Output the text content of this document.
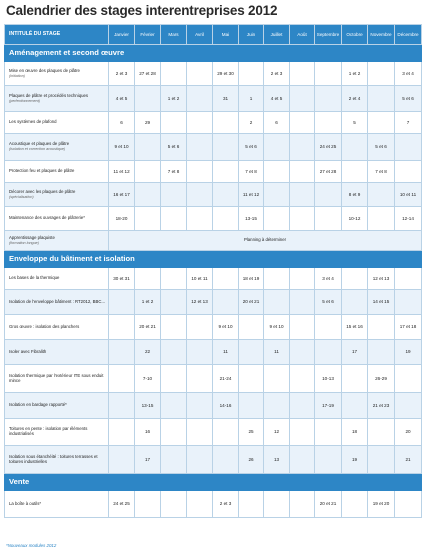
Calendrier des stages interentreprises 2012
INTITULÉ DU STAGE	Janvier	Février	Mars	Avril	Mai	Juin	Juillet	Août	Septembre	Octobre	Novembre	Décembre
Aménagement et second œuvre												
Mise en œuvre des plaques de plâtre
(initiation)	2 et 3	27 et 28			29 et 30		2 et 3			1 et 2		3 et 4
Plaques de plâtre et procédés techniques
(perfectionnement)	4 et 5		1 et 2		31	1	4 et 5			2 et 4		5 et 6
Les systèmes de plafond	6	29				2	6			5		7
Acoustique et plaques de plâtre
(isolation et correction acoustique)	9 et 10		5 et 6			5 et 6			24 et 25		5 et 6	
Protection feu et plaques de plâtre	11 et 12		7 et 8			7 et 8			27 et 28		7 et 8	
Décorer avec les plaques de plâtre
(spécialisation)	16 et 17					11 et 12				8 et 9		10 et 11
Maintenance des ouvrages de plâtrerie*	18-20					13-15				10-12		12-14
Apprentissage plaquiste
(formation longue)	Planning à déterminer											
Enveloppe du bâtiment et isolation												
Les bases de la thermique	30 et 31			10 et 11		18 et 19			3 et 4		12 et 13	
Isolation de l'enveloppe bâtiment : RT2012, BBC...		1 et 2		12 et 13		20 et 21			5 et 6		14 et 15	
Gros œuvre : isolation des planchers		20 et 21			9 et 10		9 et 10			15 et 16		17 et 18
Isoler avec Fibralith		22			11		11			17		19
Isolation thermique par l'extérieur ITE sous enduit mince		7-10			21-24				10-13		26-29	
Isolation en bardage rapporté*		13-15			14-16				17-19		21 et 23	
Toitures en pente : isolation par éléments industrialisés		16				25	12			18		20
Isolation sous étanchéité : toitures terrasses et toitures industrielles		17				26	13			19		21
Vente												
La boîte à outils*	24 et 25				2 et 3				20 et 21		19 et 20	
*Nouveaux modules 2012
